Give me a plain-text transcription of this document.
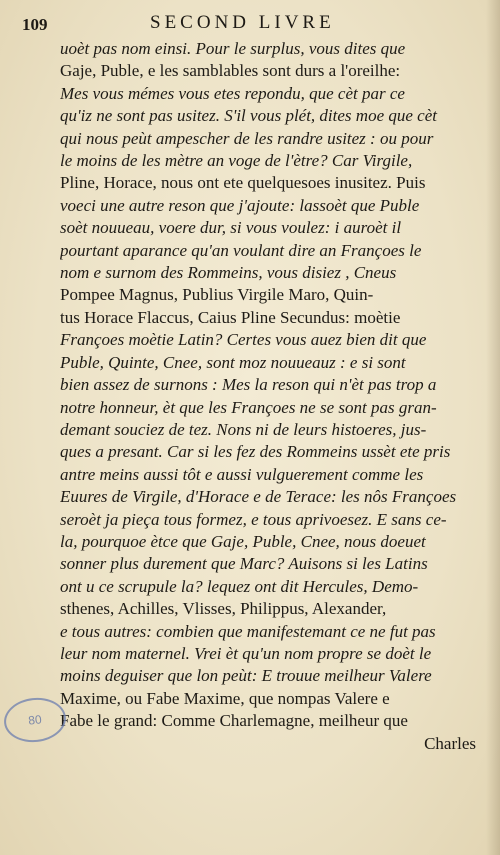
109	SECOND LIVRE
uoèt pas nom einsi. Pour le surplus, vous dites que
Gaje, Puble, e les samblables sont durs a l'oreilhe:
Mes vous mémes vous etes repondu, que cèt par ce
qu'iz ne sont pas usitez. S'il vous plét, dites moe que cèt
qui nous peùt ampescher de les randre usitez : ou pour
le moins de les mètre an voge de l'ètre? Car Virgile,
Pline, Horace, nous ont ete quelquesoes inusitez. Puis
voeci une autre reson que j'ajoute: lassoèt que Puble
soèt nouueau, voere dur, si vous voulez: i auroèt il
pourtant aparance qu'an voulant dire an Françoes le
nom e surnom des Rommeins, vous disiez , Cneus
Pompee Magnus, Publius Virgile Maro, Quin-
tus Horace Flaccus, Caius Pline Secundus: moètie
Françoes moètie Latin? Certes vous auez bien dit que
Puble, Quinte, Cnee, sont moz nouueauz : e si sont
bien assez de surnons : Mes la reson qui n'èt pas trop a
notre honneur, èt que les Françoes ne se sont pas gran-
demant souciez de tez. Nons ni de leurs histoeres, jus-
ques a presant. Car si les fez des Rommeins ussèt ete pris
antre meins aussi tôt e aussi vulguerement comme les
Euures de Virgile, d'Horace e de Terace: les nôs Françoes
seroèt ja pieça tous formez, e tous aprivoesez. E sans ce-
la, pourquoe ètce que Gaje, Puble, Cnee, nous doeuet
sonner plus durement que Marc? Auisons si les Latins
ont u ce scrupule la? lequez ont dit Hercules, Demo-
sthenes, Achilles, Vlisses, Philippus, Alexander,
e tous autres: combien que manifestemant ce ne fut pas
leur nom maternel. Vrei èt qu'un nom propre se doèt le
moins deguiser que lon peùt: E trouue meilheur Valere
Maxime, ou Fabe Maxime, que nompas Valere e
Fabe le grand: Comme Charlemagne, meilheur que
Charles
80
